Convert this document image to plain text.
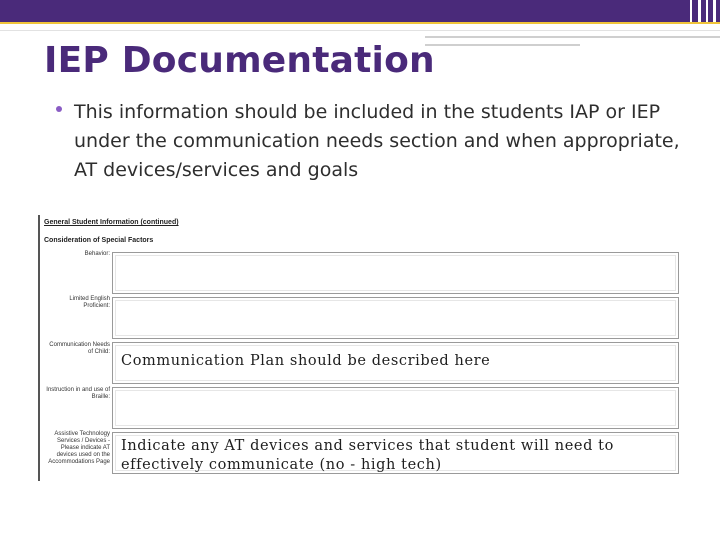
IEP Documentation

This information should be included in the students IAP or IEP under the communication needs section and when appropriate, AT devices/services and goals

General Student Information (continued)
Consideration of Special Factors
Behavior:
Limited English Proficient:
Communication Needs of Child:
Communication Plan should be described here
Instruction in and use of Braille:
Assistive Technology Services / Devices - Please indicate AT devices used on the Accommodations Page
Indicate any AT devices and services that student will need to effectively communicate (no - high tech)
